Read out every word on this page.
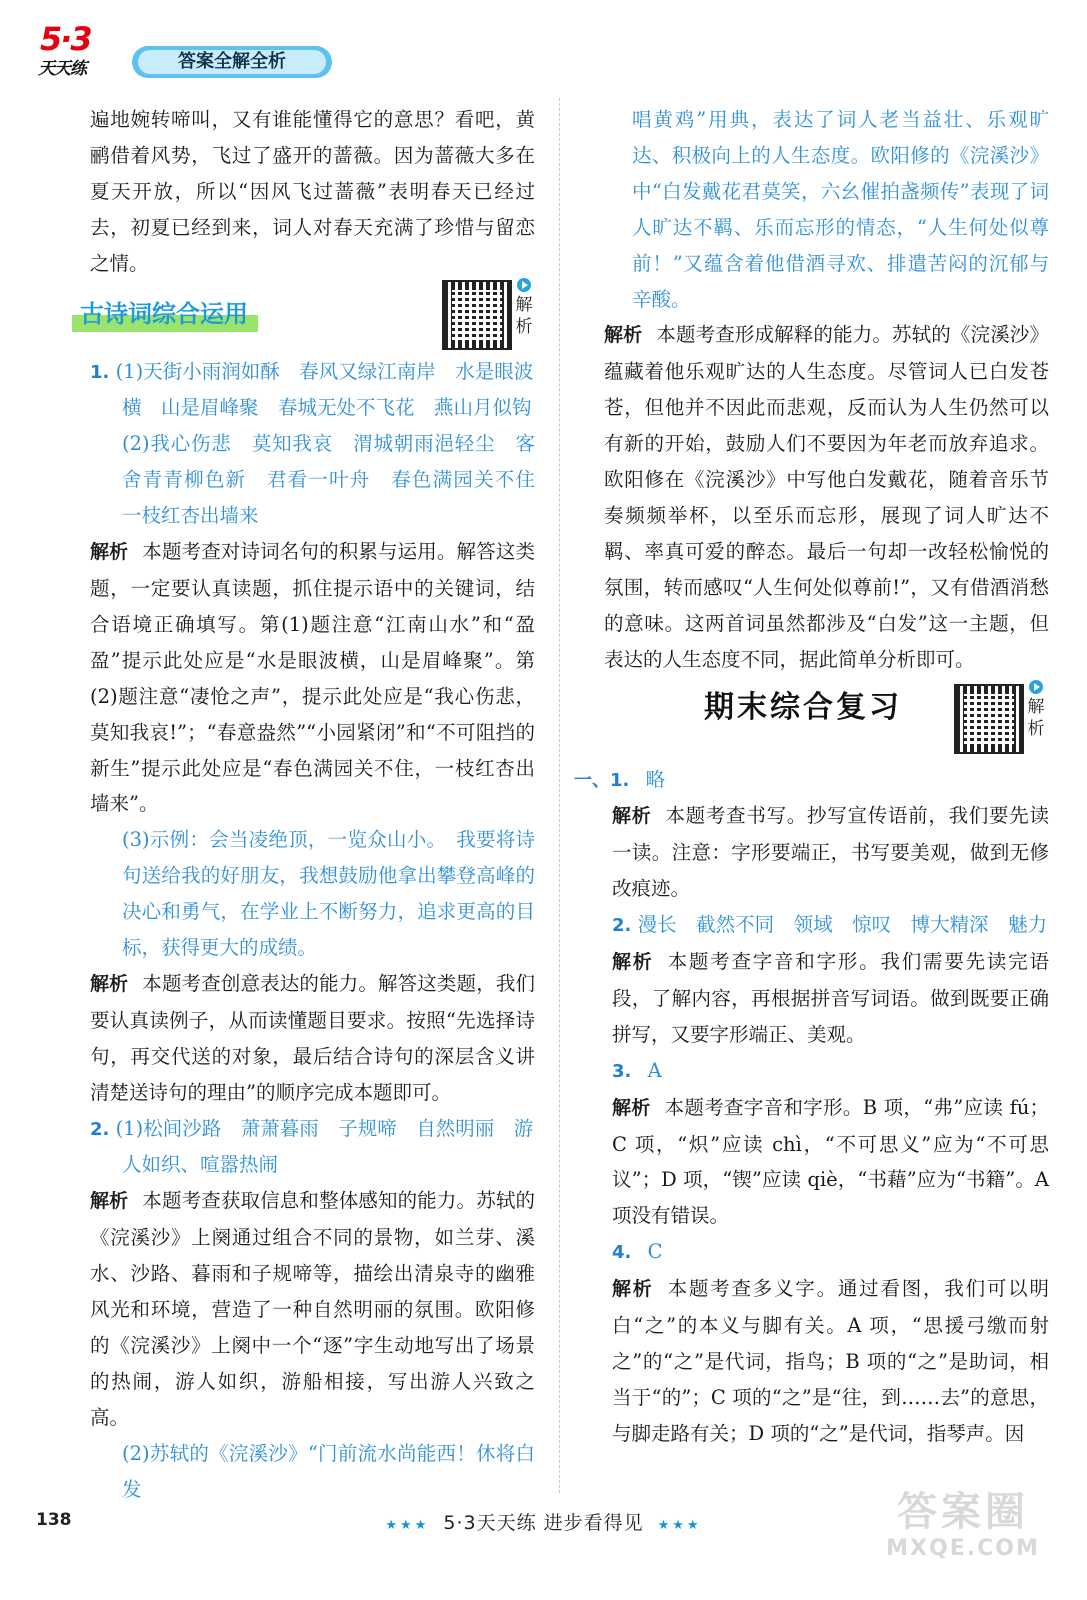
5·3
天天练	答案全解全析

遍地婉转啼叫，又有谁能懂得它的意思？看吧，黄鹂借着风势，飞过了盛开的蔷薇。因为蔷薇大多在夏天开放，所以“因风飞过蔷薇”表明春天已经过去，初夏已经到来，词人对春天充满了珍惜与留恋之情。

古诗词综合运用	解析
1. (1)天街小雨润如酥　春风又绿江南岸　水是眼波横　山是眉峰聚　春城无处不飞花　燕山月似钩

(2)我心伤悲　莫知我哀　渭城朝雨浥轻尘　客舍青青柳色新　君看一叶舟　春色满园关不住　一枝红杏出墙来

解析 本题考查对诗词名句的积累与运用。解答这类题，一定要认真读题，抓住提示语中的关键词，结合语境正确填写。第(1)题注意“江南山水”和“盈盈”提示此处应是“水是眼波横，山是眉峰聚”。第(2)题注意“凄怆之声”，提示此处应是“我心伤悲，莫知我哀!”；“春意盎然”“小园紧闭”和“不可阻挡的新生”提示此处应是“春色满园关不住，一枝红杏出墙来”。

(3)示例：会当凌绝顶，一览众山小。　我要将诗句送给我的好朋友，我想鼓励他拿出攀登高峰的决心和勇气，在学业上不断努力，追求更高的目标，获得更大的成绩。

解析 本题考查创意表达的能力。解答这类题，我们要认真读例子，从而读懂题目要求。按照“先选择诗句，再交代送的对象，最后结合诗句的深层含义讲清楚送诗句的理由”的顺序完成本题即可。

2. (1)松间沙路　萧萧暮雨　子规啼　自然明丽　游人如织、喧嚣热闹

解析 本题考查获取信息和整体感知的能力。苏轼的《浣溪沙》上阕通过组合不同的景物，如兰芽、溪水、沙路、暮雨和子规啼等，描绘出清泉寺的幽雅风光和环境，营造了一种自然明丽的氛围。欧阳修的《浣溪沙》上阕中一个“逐”字生动地写出了场景的热闹，游人如织，游船相接，写出游人兴致之高。

(2)苏轼的《浣溪沙》“门前流水尚能西！休将白发

唱黄鸡”用典，表达了词人老当益壮、乐观旷达、积极向上的人生态度。欧阳修的《浣溪沙》中“白发戴花君莫笑，六幺催拍盏频传”表现了词人旷达不羁、乐而忘形的情态，“人生何处似尊前！”又蕴含着他借酒寻欢、排遣苦闷的沉郁与辛酸。

解析 本题考查形成解释的能力。苏轼的《浣溪沙》蕴藏着他乐观旷达的人生态度。尽管词人已白发苍苍，但他并不因此而悲观，反而认为人生仍然可以有新的开始，鼓励人们不要因为年老而放弃追求。欧阳修在《浣溪沙》中写他白发戴花，随着音乐节奏频频举杯，以至乐而忘形，展现了词人旷达不羁、率真可爱的醉态。最后一句却一改轻松愉悦的氛围，转而感叹“人生何处似尊前!”，又有借酒消愁的意味。这两首词虽然都涉及“白发”这一主题，但表达的人生态度不同，据此简单分析即可。

期末综合复习	解析
一、1. 略

解析 本题考查书写。抄写宣传语前，我们要先读一读。注意：字形要端正，书写要美观，做到无修改痕迹。

2. 漫长　截然不同　领域　惊叹　博大精深　魅力

解析 本题考查字音和字形。我们需要先读完语段，了解内容，再根据拼音写词语。做到既要正确拼写，又要字形端正、美观。

3. A

解析 本题考查字音和字形。B 项，“弗”应读 fú；C 项，“炽”应读 chì，“不可思义”应为“不可思议”；D 项，“锲”应读 qiè，“书藉”应为“书籍”。A 项没有错误。

4. C

解析 本题考查多义字。通过看图，我们可以明白“之”的本义与脚有关。A 项，“思援弓缴而射之”的“之”是代词，指鸟；B 项的“之”是助词，相当于“的”；C 项的“之”是“往，到……去”的意思，与脚走路有关；D 项的“之”是代词，指琴声。因

138	★★★ 5·3天天练 进步看得见 ★★★	答案圈
MXQE.COM
